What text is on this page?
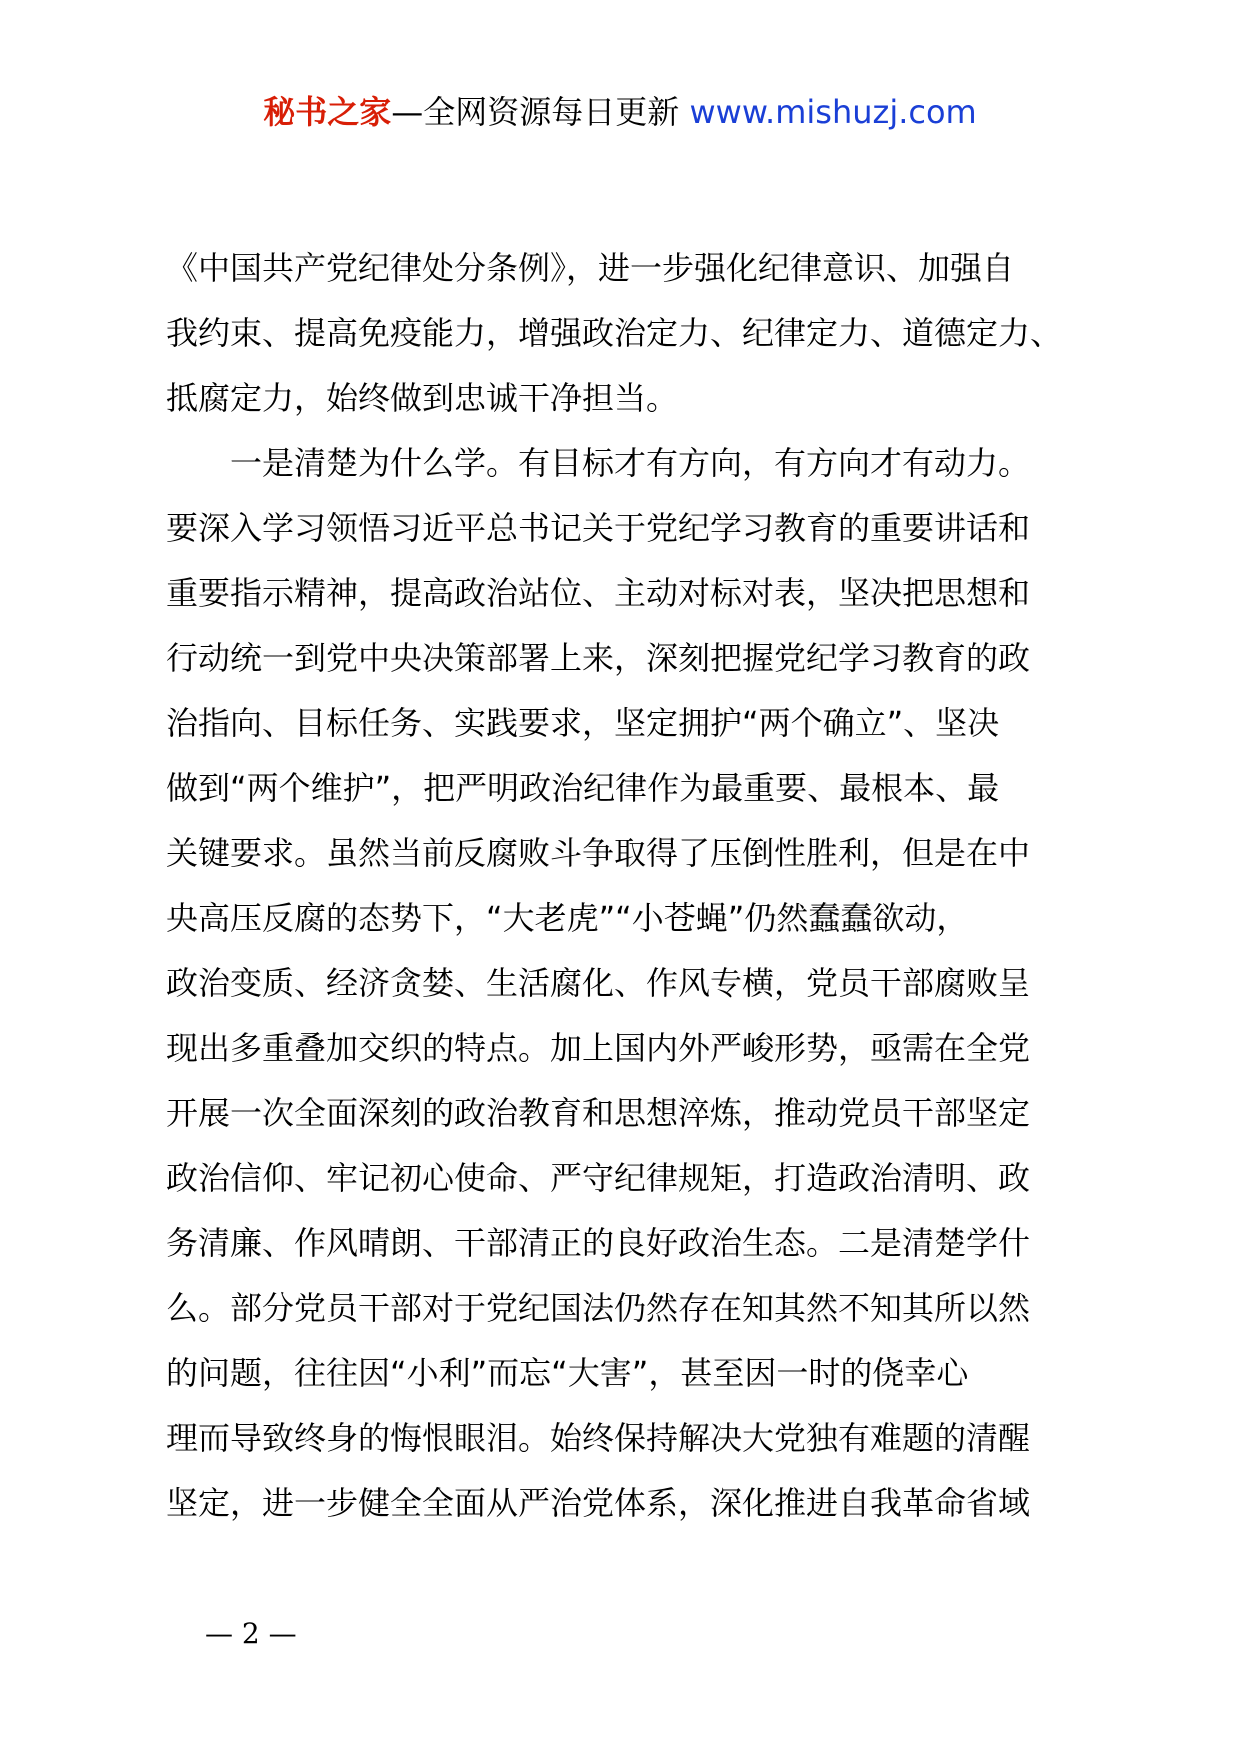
秘书之家—全网资源每日更新 www.mishuzj.com
《中国共产党纪律处分条例》，进一步强化纪律意识、加强自
我约束、提高免疫能力，增强政治定力、纪律定力、道德定力、
抵腐定力，始终做到忠诚干净担当。
　　一是清楚为什么学。有目标才有方向，有方向才有动力。
要深入学习领悟习近平总书记关于党纪学习教育的重要讲话和
重要指示精神，提高政治站位、主动对标对表，坚决把思想和
行动统一到党中央决策部署上来，深刻把握党纪学习教育的政
治指向、目标任务、实践要求，坚定拥护“两个确立”、坚决
做到“两个维护”，把严明政治纪律作为最重要、最根本、最
关键要求。虽然当前反腐败斗争取得了压倒性胜利，但是在中
央高压反腐的态势下，“大老虎”“小苍蝇”仍然蠢蠢欲动，
政治变质、经济贪婪、生活腐化、作风专横，党员干部腐败呈
现出多重叠加交织的特点。加上国内外严峻形势，亟需在全党
开展一次全面深刻的政治教育和思想淬炼，推动党员干部坚定
政治信仰、牢记初心使命、严守纪律规矩，打造政治清明、政
务清廉、作风晴朗、干部清正的良好政治生态。二是清楚学什
么。部分党员干部对于党纪国法仍然存在知其然不知其所以然
的问题，往往因“小利”而忘“大害”，甚至因一时的侥幸心
理而导致终身的悔恨眼泪。始终保持解决大党独有难题的清醒
坚定，进一步健全全面从严治党体系，深化推进自我革命省域
— 2 —
